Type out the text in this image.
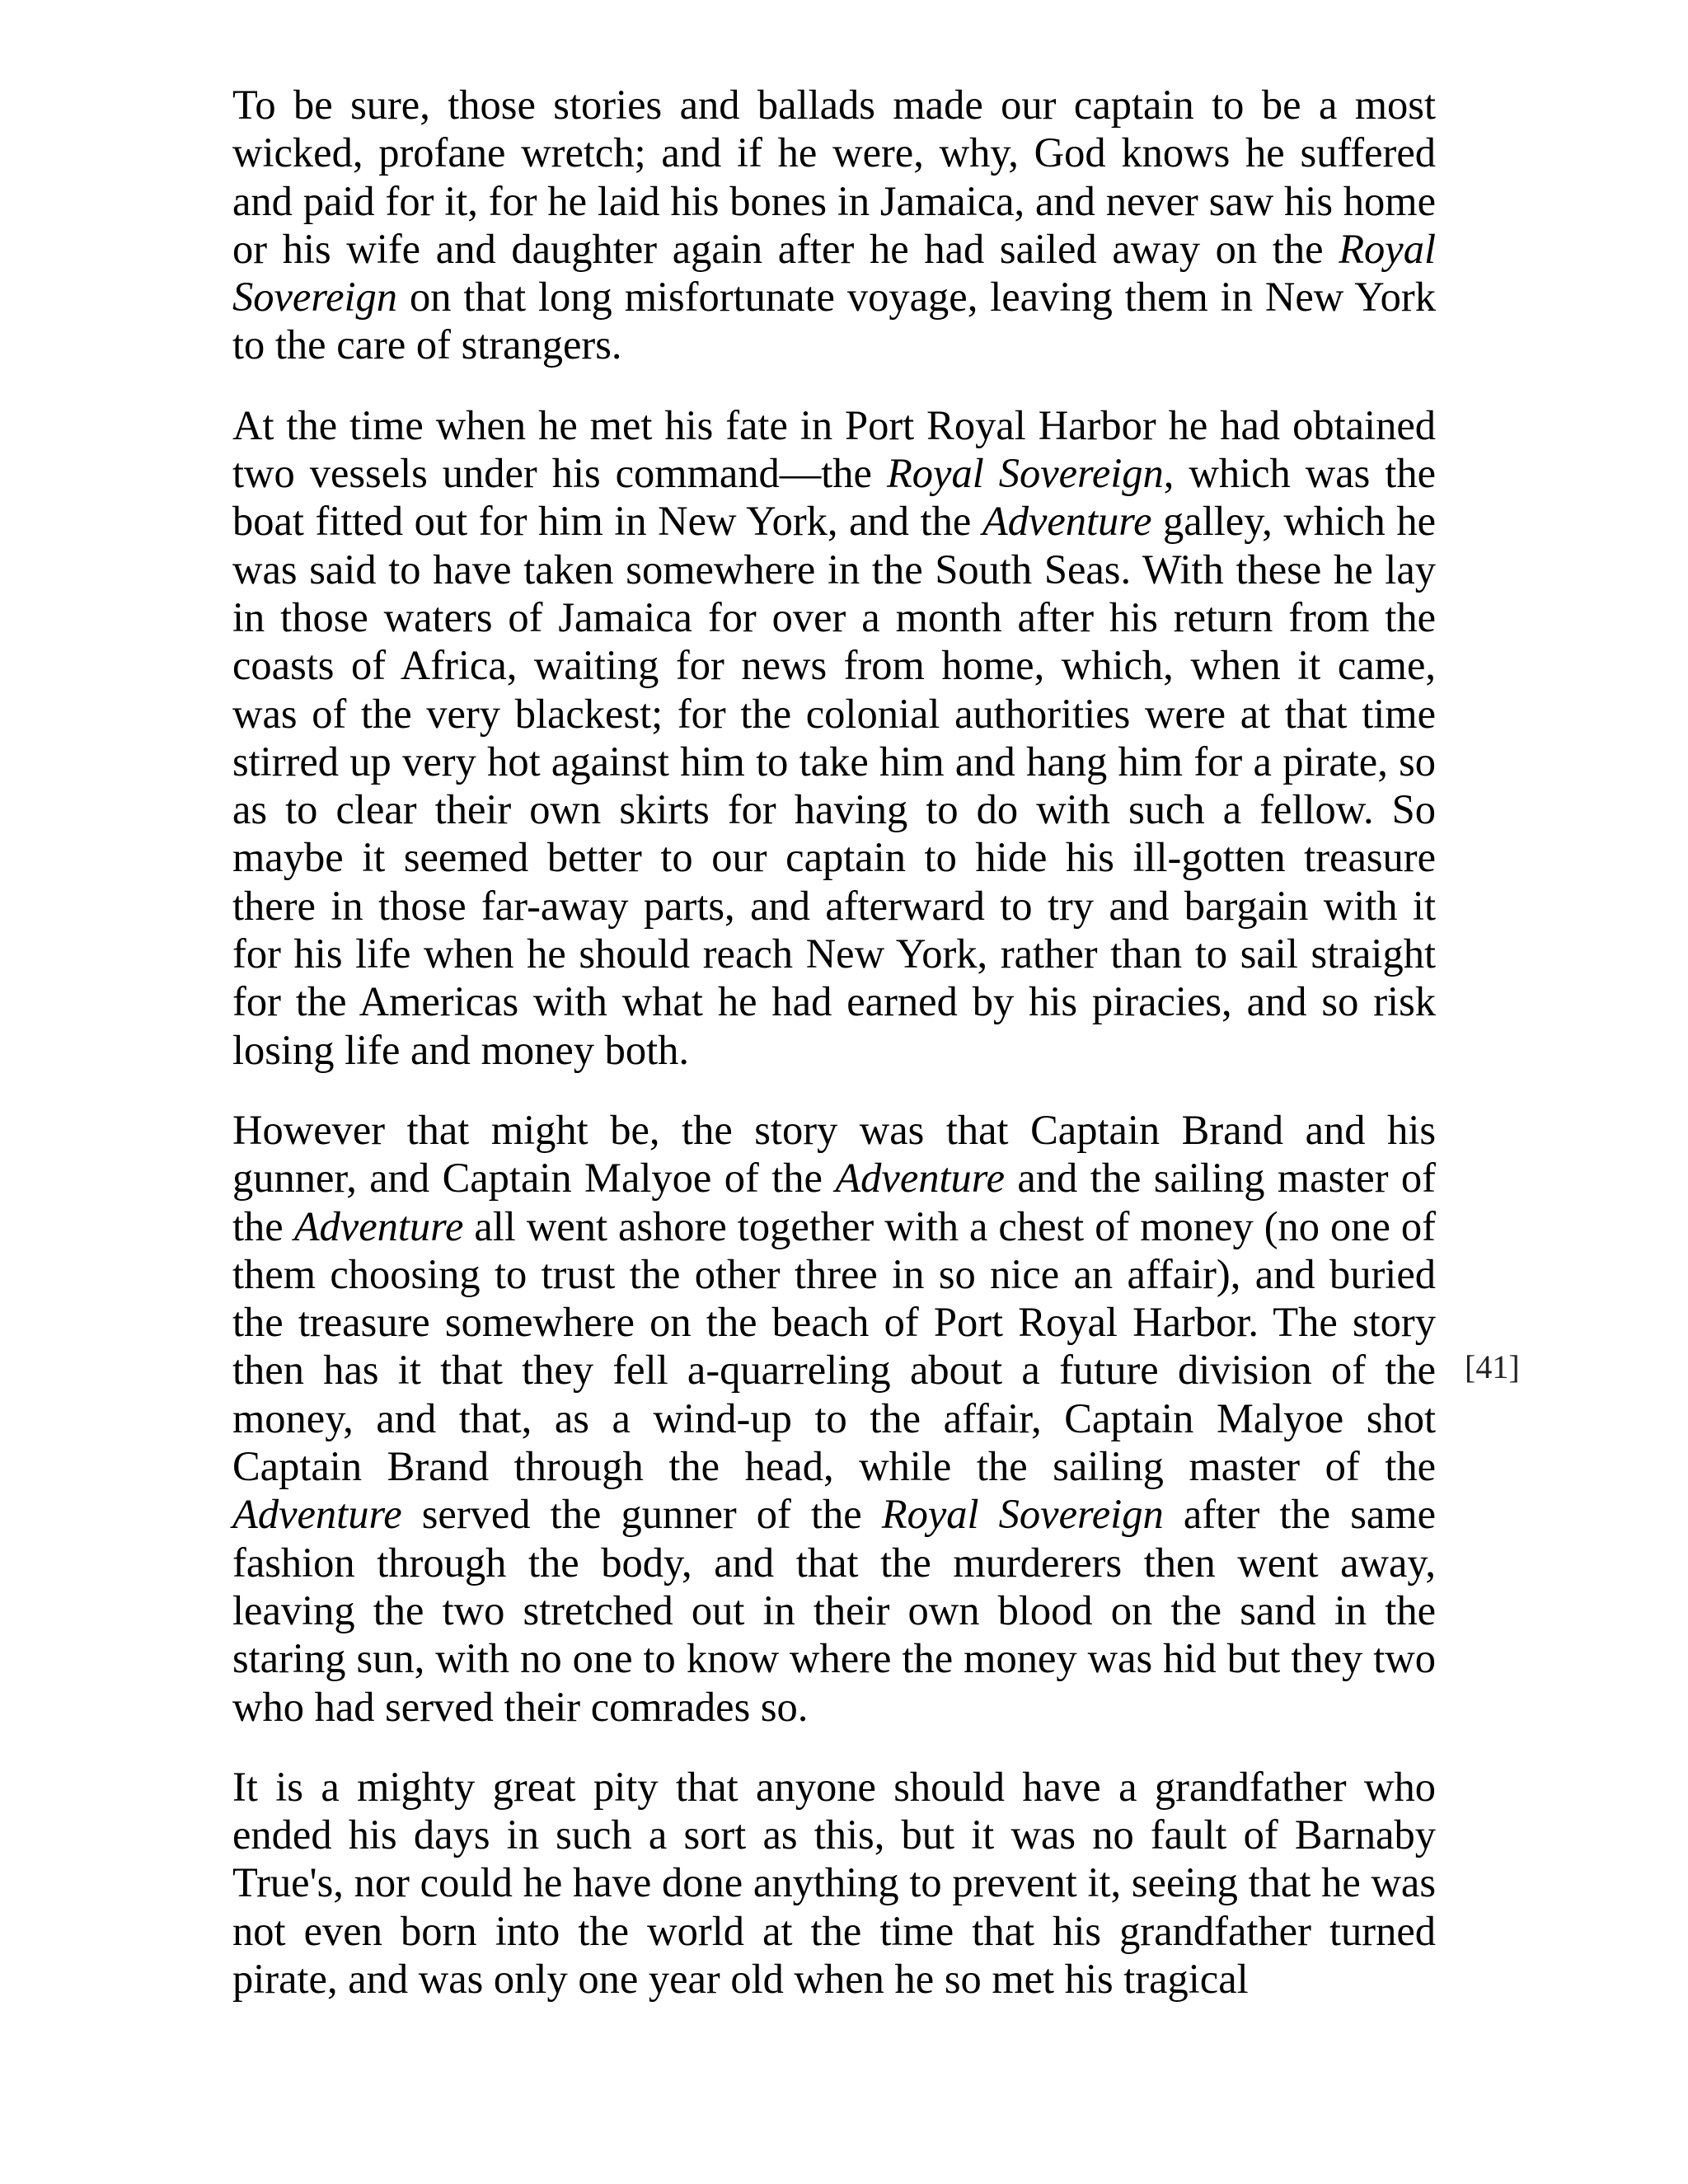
To be sure, those stories and ballads made our captain to be a most wicked, profane wretch; and if he were, why, God knows he suffered and paid for it, for he laid his bones in Jamaica, and never saw his home or his wife and daughter again after he had sailed away on the Royal Sovereign on that long misfortunate voyage, leaving them in New York to the care of strangers.

At the time when he met his fate in Port Royal Harbor he had obtained two vessels under his command—the Royal Sovereign, which was the boat fitted out for him in New York, and the Adventure galley, which he was said to have taken somewhere in the South Seas. With these he lay in those waters of Jamaica for over a month after his return from the coasts of Africa, waiting for news from home, which, when it came, was of the very blackest; for the colonial authorities were at that time stirred up very hot against him to take him and hang him for a pirate, so as to clear their own skirts for having to do with such a fellow. So maybe it seemed better to our captain to hide his ill-gotten treasure there in those far-away parts, and afterward to try and bargain with it for his life when he should reach New York, rather than to sail straight for the Americas with what he had earned by his piracies, and so risk losing life and money both.

However that might be, the story was that Captain Brand and his gunner, and Captain Malyoe of the Adventure and the sailing master of the Adventure all went ashore together with a chest of money (no one of them choosing to trust the other three in so nice an affair), and buried the treasure somewhere on the beach of Port Royal Harbor. The story then has it that they fell a-quarreling about a future division of the money, and that, as a wind-up to the affair, Captain Malyoe shot Captain Brand through the head, while the sailing master of the Adventure served the gunner of the Royal Sovereign after the same fashion through the body, and that the murderers then went away, leaving the two stretched out in their own blood on the sand in the staring sun, with no one to know where the money was hid but they two who had served their comrades so.

It is a mighty great pity that anyone should have a grandfather who ended his days in such a sort as this, but it was no fault of Barnaby True's, nor could he have done anything to prevent it, seeing that he was not even born into the world at the time that his grandfather turned pirate, and was only one year old when he so met his tragical

[41]
